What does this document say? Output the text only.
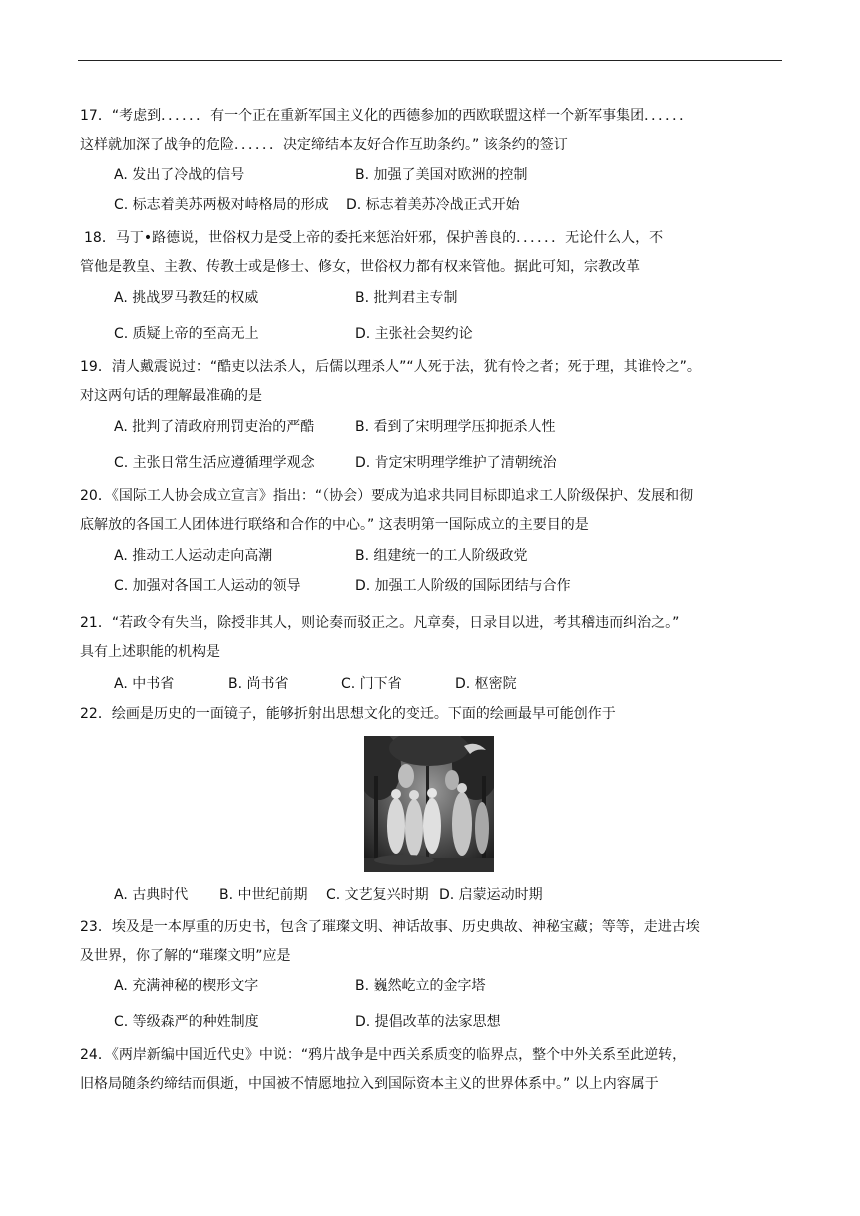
17．“考虑到．．．．．．有一个正在重新军国主义化的西德参加的西欧联盟这样一个新军事集团．．．．．．
这样就加深了战争的危险．．．．．．决定缔结本友好合作互助条约。” 该条约的签订
A. 发出了冷战的信号	B. 加强了美国对欧洲的控制
C. 标志着美苏两极对峙格局的形成 D. 标志着美苏冷战正式开始
18．马丁•路德说，世俗权力是受上帝的委托来惩治奸邪，保护善良的．．．．．．无论什么人，不
管他是教皇、主教、传教士或是修士、修女，世俗权力都有权来管他。据此可知，宗教改革
A. 挑战罗马教廷的权威	B. 批判君主专制
C. 质疑上帝的至高无上	D. 主张社会契约论
19．清人戴震说过：“酷吏以法杀人，后儒以理杀人”“人死于法，犹有怜之者；死于理，其谁怜之”。
对这两句话的理解最准确的是
A. 批判了清政府刑罚吏治的严酷	B. 看到了宋明理学压抑扼杀人性
C. 主张日常生活应遵循理学观念	D. 肯定宋明理学维护了清朝统治
20．《国际工人协会成立宣言》指出：“（协会）要成为追求共同目标即追求工人阶级保护、发展和彻
底解放的各国工人团体进行联络和合作的中心。” 这表明第一国际成立的主要目的是
A. 推动工人运动走向高潮	B. 组建统一的工人阶级政党
C. 加强对各国工人运动的领导	D. 加强工人阶级的国际团结与合作
21．“若政令有失当，除授非其人，则论奏而驳正之。凡章奏，日录目以进，考其稽违而纠治之。”
具有上述职能的机构是
A. 中书省	B. 尚书省	C. 门下省	D. 枢密院
22．绘画是历史的一面镜子，能够折射出思想文化的变迁。下面的绘画最早可能创作于
A. 古典时代 B. 中世纪前期 C. 文艺复兴时期 D. 启蒙运动时期
23．埃及是一本厚重的历史书，包含了璀璨文明、神话故事、历史典故、神秘宝藏；等等，走进古埃
及世界，你了解的“璀璨文明”应是
A. 充满神秘的楔形文字	B. 巍然屹立的金字塔
C. 等级森严的种姓制度	D. 提倡改革的法家思想
24．《两岸新编中国近代史》中说：“鸦片战争是中西关系质变的临界点，整个中外关系至此逆转，
旧格局随条约缔结而俱逝，中国被不情愿地拉入到国际资本主义的世界体系中。” 以上内容属于
